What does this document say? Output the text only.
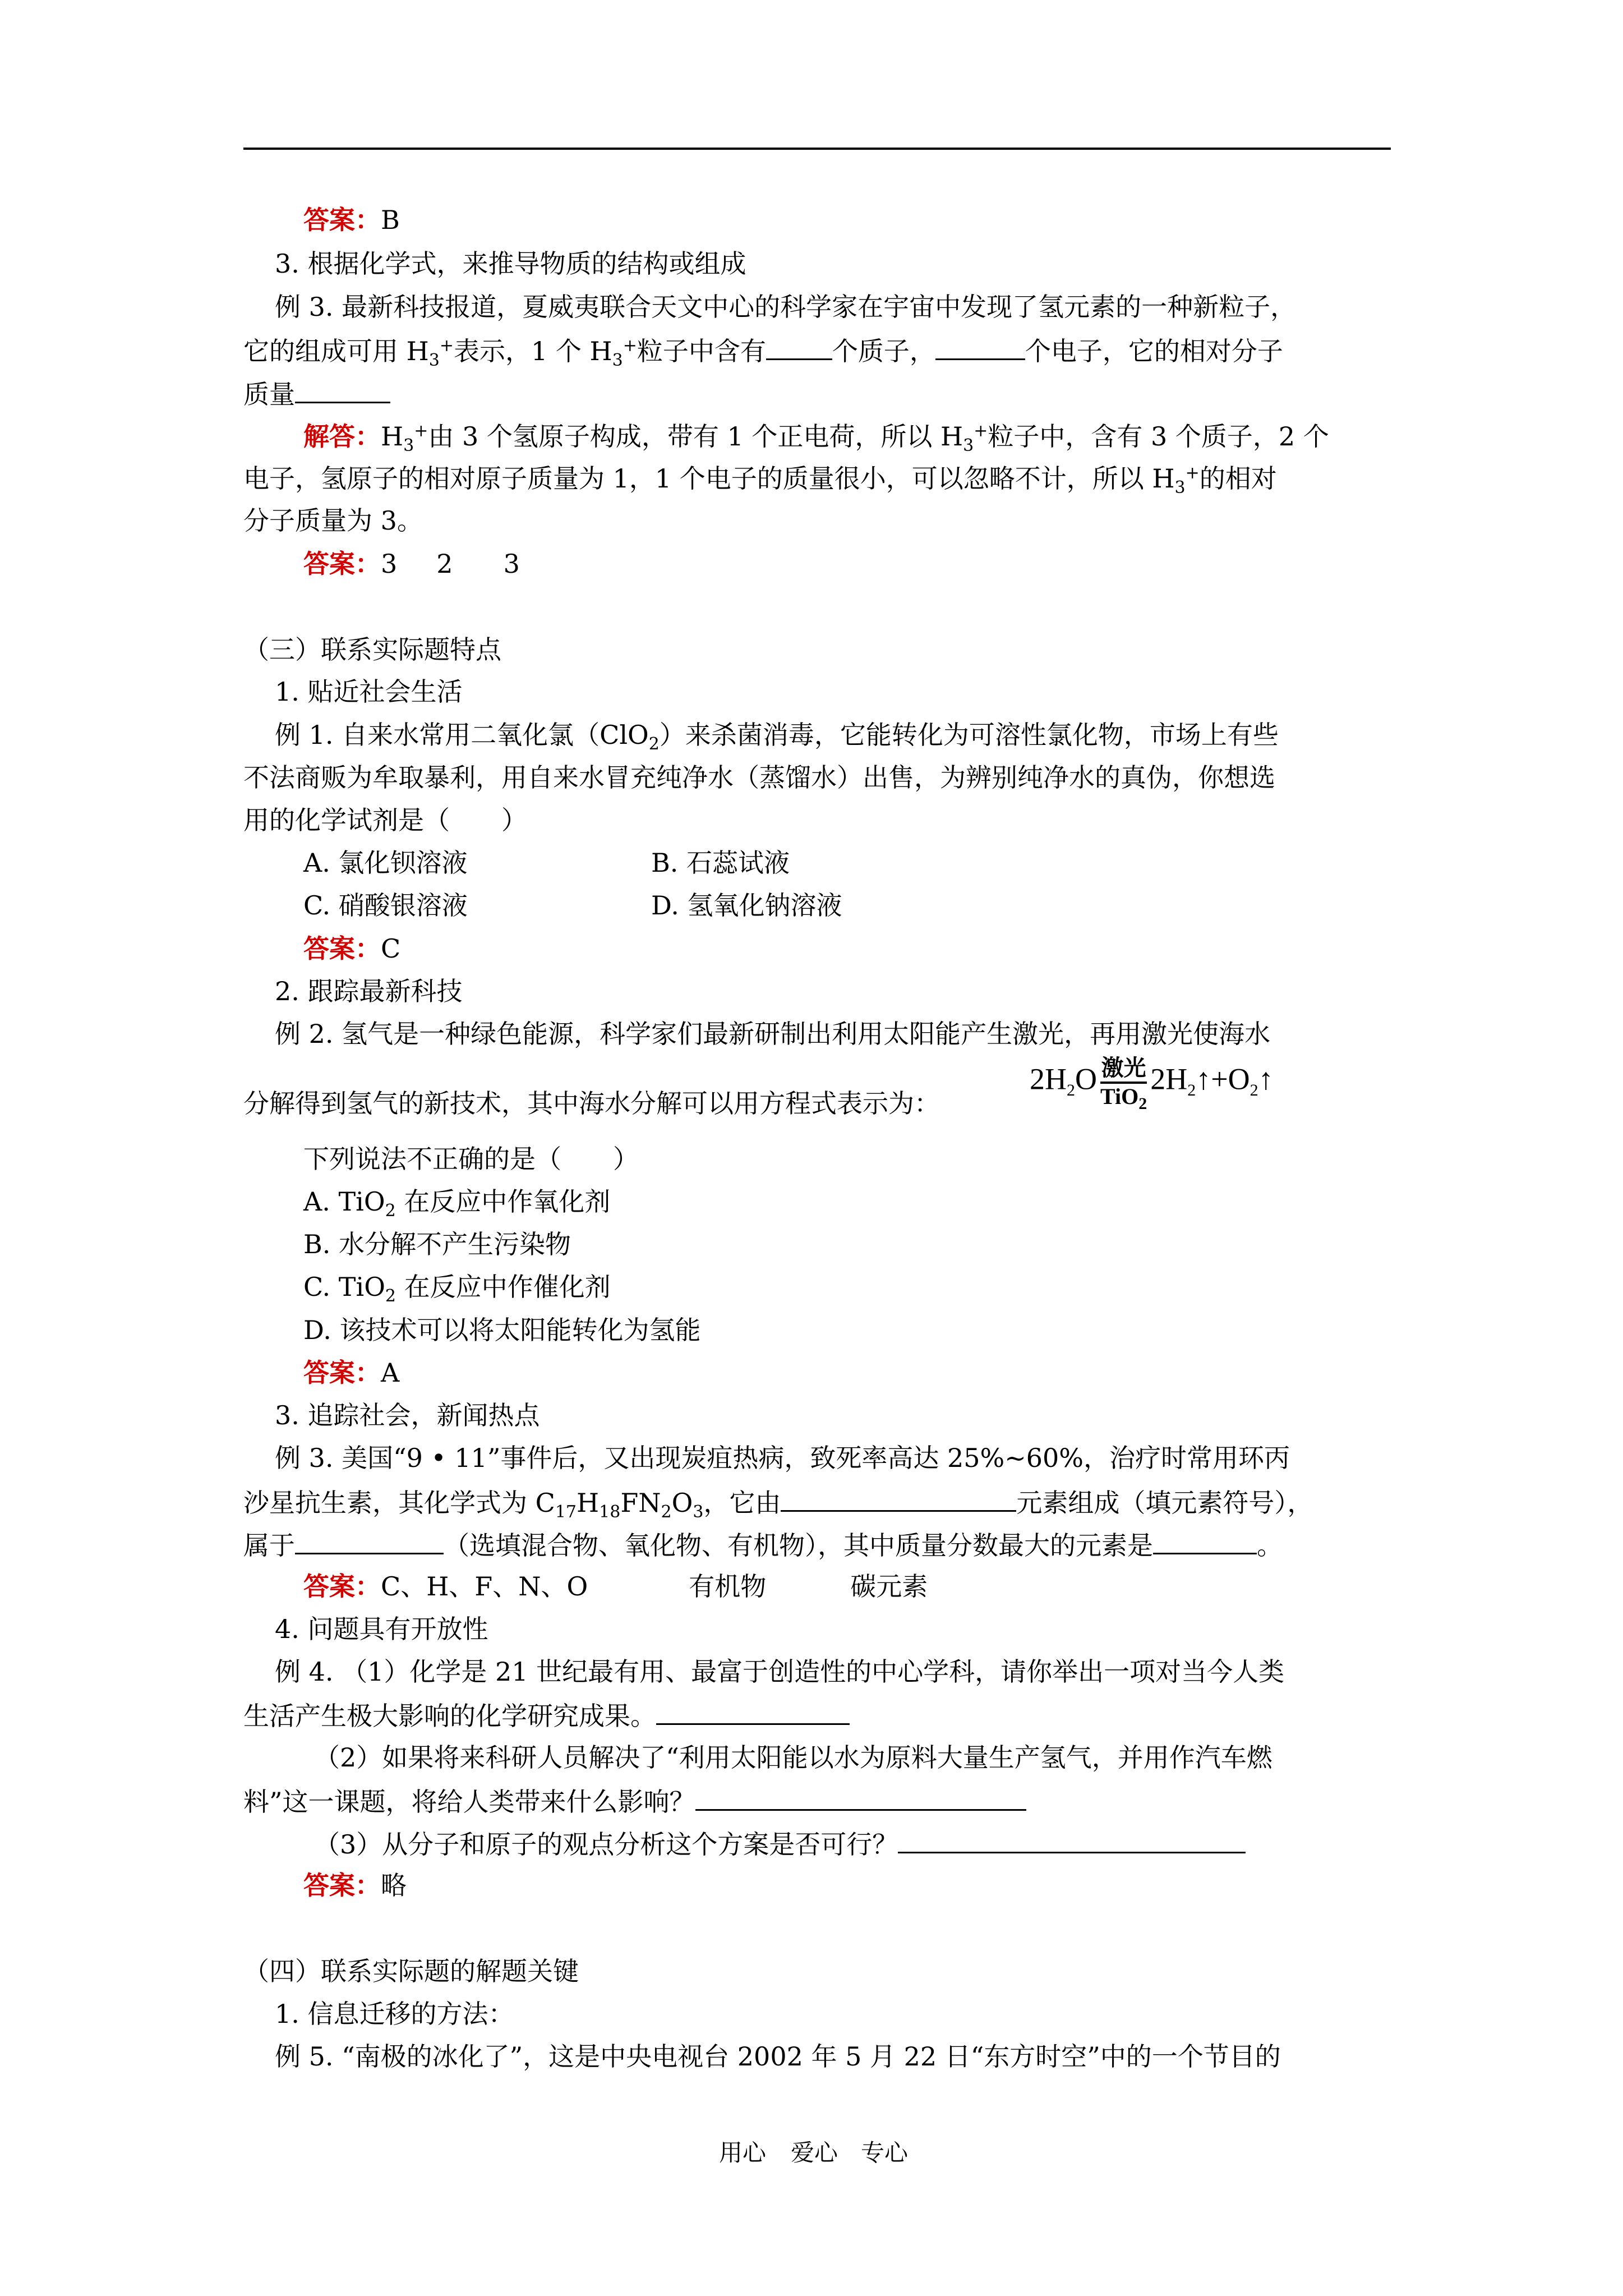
答案：B
3. 根据化学式，来推导物质的结构或组成
例 3. 最新科技报道，夏威夷联合天文中心的科学家在宇宙中发现了氢元素的一种新粒子，
它的组成可用 $H_3^+$表示，1 个 $H_3^+$粒子中含有	个质子，	个电子，它的相对分子
质量
解答：$H_3^+$由 3 个氢原子构成，带有 1 个正电荷，所以 $H_3^+$粒子中，含有 3 个质子，2 个
电子，氢原子的相对原子质量为 1，1 个电子的质量很小，可以忽略不计，所以 $H_3^+$的相对
分子质量为 3。
答案：3 2 3
（三）联系实际题特点
1. 贴近社会生活
例 1. 自来水常用二氧化氯（ClO$_2$）来杀菌消毒，它能转化为可溶性氯化物，市场上有些
不法商贩为牟取暴利，用自来水冒充纯净水（蒸馏水）出售，为辨别纯净水的真伪，你想选
用的化学试剂是（　　）
A. 氯化钡溶液	B. 石蕊试液
C. 硝酸银溶液	D. 氢氧化钠溶液
答案：C
2. 跟踪最新科技
例 2. 氢气是一种绿色能源，科学家们最新研制出利用太阳能产生激光，再用激光使海水
分解得到氢气的新技术，其中海水分解可以用方程式表示为：
$2H_2O \frac{\text{激光}}{TiO_2}$ $2H_2↑+O_2↑$
下列说法不正确的是（　　）
A. TiO$_2$ 在反应中作氧化剂
B. 水分解不产生污染物
C. TiO$_2$ 在反应中作催化剂
D. 该技术可以将太阳能转化为氢能
答案：A
3. 追踪社会，新闻热点
例 3. 美国“9 • 11”事件后，又出现炭疽热病，致死率高达 25%~60%，治疗时常用环丙
沙星抗生素，其化学式为 $C_{17}H_{18}FN_2O_3$，它由	元素组成（填元素符号），
属于	（选填混合物、氧化物、有机物），其中质量分数最大的元素是	。
答案：C、H、F、N、O	有机物	碳元素
4. 问题具有开放性
例 4. （1）化学是 21 世纪最有用、最富于创造性的中心学科，请你举出一项对当今人类
生活产生极大影响的化学研究成果。
（2）如果将来科研人员解决了“利用太阳能以水为原料大量生产氢气，并用作汽车燃
料”这一课题，将给人类带来什么影响？
（3）从分子和原子的观点分析这个方案是否可行？
答案：略
（四）联系实际题的解题关键
1. 信息迁移的方法：
例 5. “南极的冰化了”，这是中央电视台 2002 年 5 月 22 日“东方时空”中的一个节目的
用心 爱心 专心
